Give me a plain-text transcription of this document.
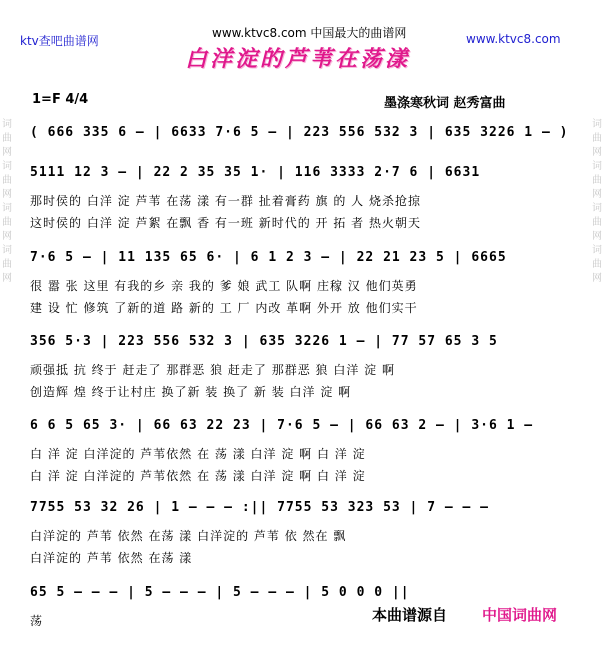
词曲网词曲网词曲网词曲网
词曲网词曲网词曲网词曲网
ktv查吧曲谱网
www.ktvc8.com 中国最大的曲谱网	www.ktvc8.com
白洋淀的芦苇在荡漾
1=F 4/4	墨涤寒秋词 赵秀富曲
( 666 335 6 – | 6633 7·6 5 – | 223 556 532 3 | 635 3226 1 – )
5111 12 3 – | 22 2 35 35 1· | 116 3333 2·7 6 | 6631
那时侯的 白洋 淀 芦苇 在荡 漾 有一群 扯着膏药 旗 的 人 烧杀抢掠
这时侯的 白洋 淀 芦絮 在飘 香 有一班 新时代的 开 拓 者 热火朝天
7·6 5 – | 11 135 65 6· | 6 1 2 3 – | 22 21 23 5 | 6665
很 嚣 张 这里 有我的乡 亲 我的 爹 娘 武工 队啊 庄稼 汉 他们英勇
建 设 忙 修筑 了新的道 路 新的 工 厂 内改 革啊 外开 放 他们实干
356 5·3 | 223 556 532 3 | 635 3226 1 – | 77 57 65 3 5
顽强抵 抗 终于 赶走了 那群恶 狼 赶走了 那群恶 狼 白洋 淀 啊
创造辉 煌 终于让村庄 换了新 装 换了 新 装 白洋 淀 啊
6 6 5 65 3· | 66 63 22 23 | 7·6 5 – | 66 63 2 – | 3·6 1 –
白 洋 淀 白洋淀的 芦苇依然 在 荡 漾 白洋 淀 啊 白 洋 淀
白 洋 淀 白洋淀的 芦苇依然 在 荡 漾 白洋 淀 啊 白 洋 淀
7755 53 32 26 | 1 – – – :|| 7755 53 323 53 | 7 – – –
白洋淀的 芦苇 依然 在荡 漾 白洋淀的 芦苇 依 然在 飘
白洋淀的 芦苇 依然 在荡 漾
65 5 – – – | 5 – – – | 5 – – – | 5 0 0 0 ||
荡	本曲谱源自 中国词曲网
